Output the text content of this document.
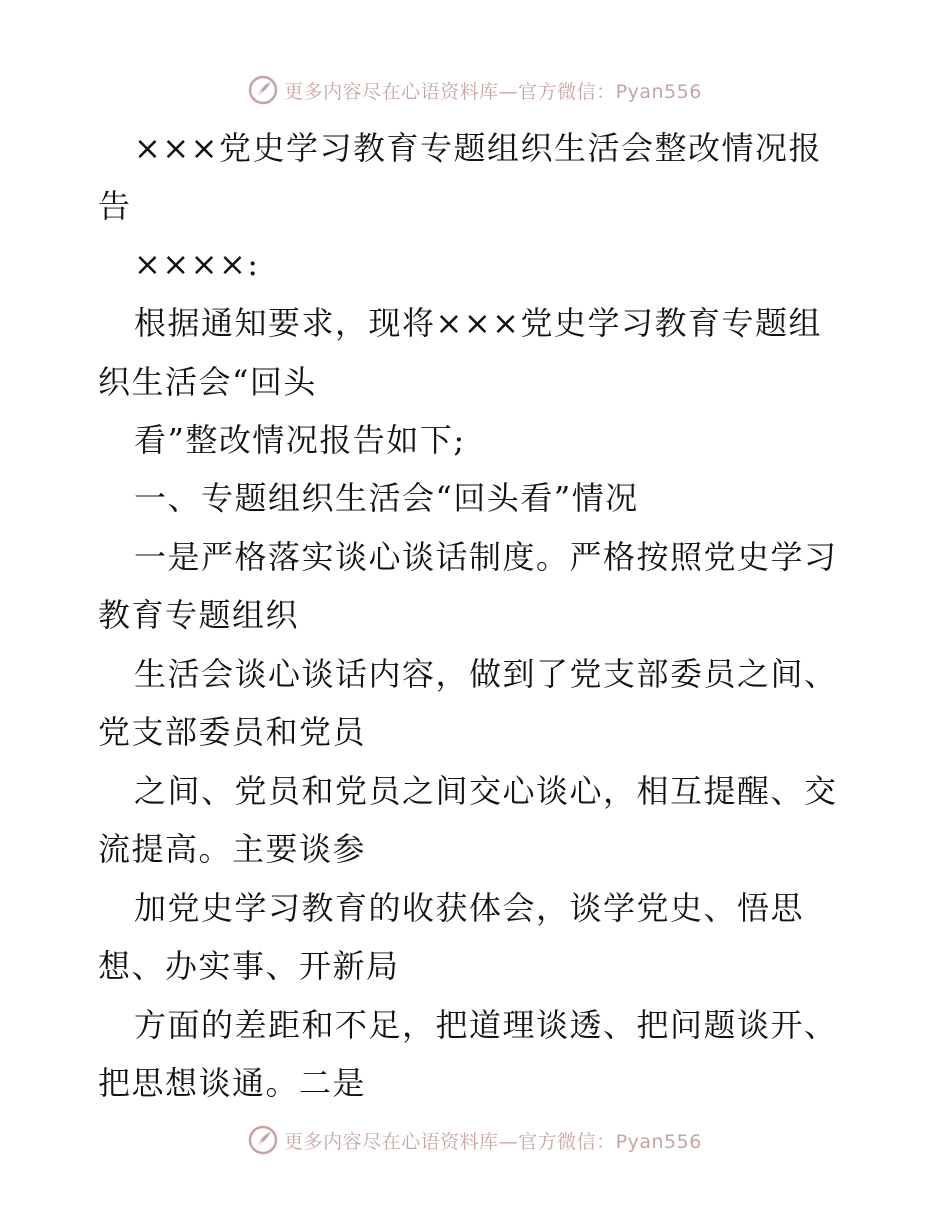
更多内容尽在心语资料库—官方微信：Pyan556
×××党史学习教育专题组织生活会整改情况报
告
××××:
根据通知要求，现将×××党史学习教育专题组
织生活会“回头
看”整改情况报告如下;
一、专题组织生活会“回头看”情况
一是严格落实谈心谈话制度。严格按照党史学习
教育专题组织
生活会谈心谈话内容，做到了党支部委员之间、
党支部委员和党员
之间、党员和党员之间交心谈心，相互提醒、交
流提高。主要谈参
加党史学习教育的收获体会，谈学党史、悟思
想、办实事、开新局
方面的差距和不足，把道理谈透、把问题谈开、
把思想谈通。二是
更多内容尽在心语资料库—官方微信：Pyan556
